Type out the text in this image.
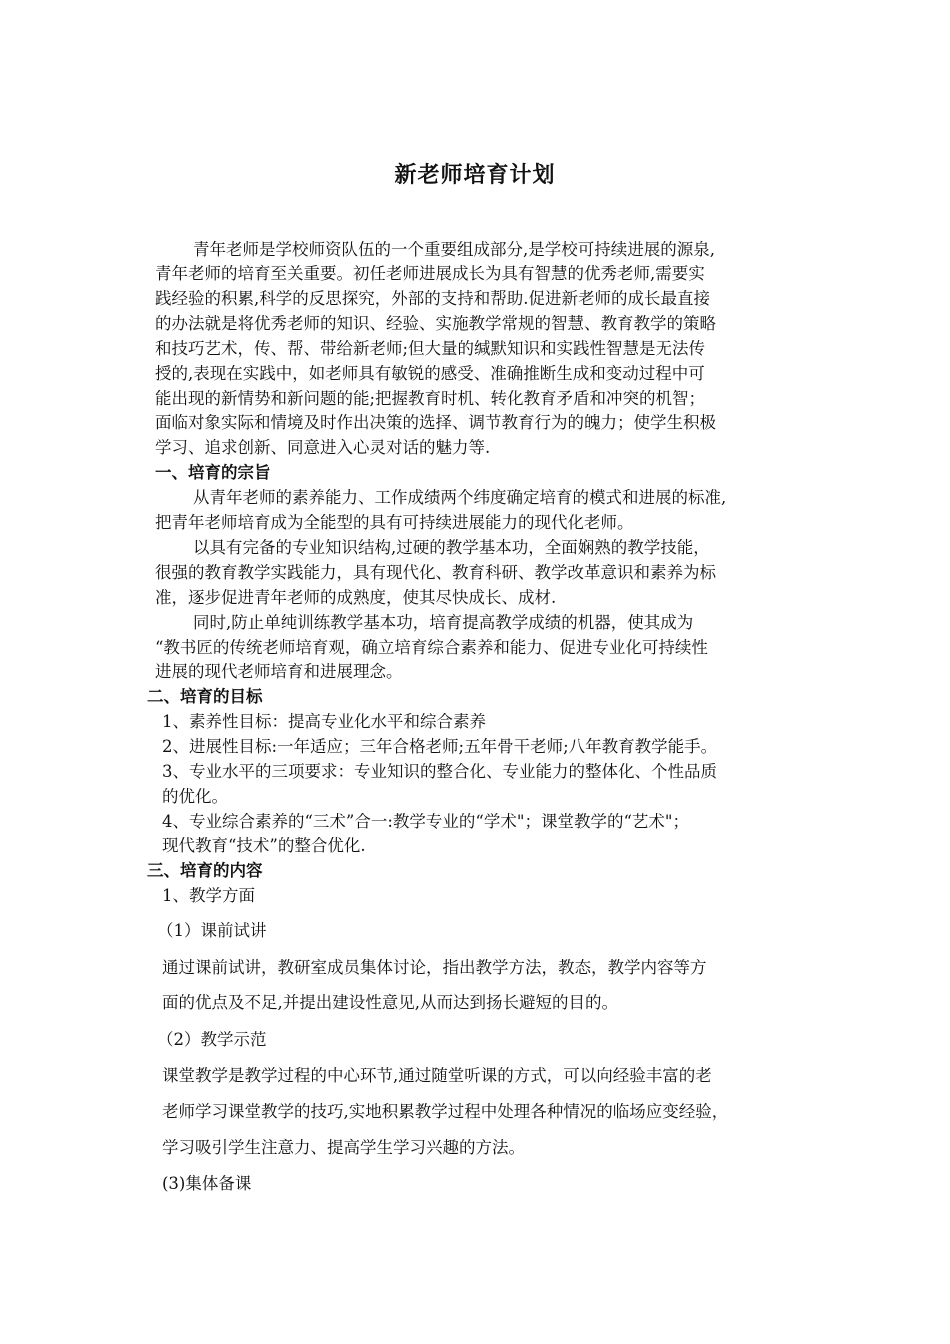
新老师培育计划
青年老师是学校师资队伍的一个重要组成部分,是学校可持续进展的源泉,
青年老师的培育至关重要。初任老师进展成长为具有智慧的优秀老师,需要实
践经验的积累,科学的反思探究，外部的支持和帮助.促进新老师的成长最直接
的办法就是将优秀老师的知识、经验、实施教学常规的智慧、教育教学的策略
和技巧艺术，传、帮、带给新老师;但大量的缄默知识和实践性智慧是无法传
授的,表现在实践中，如老师具有敏锐的感受、准确推断生成和变动过程中可
能出现的新情势和新问题的能;把握教育时机、转化教育矛盾和冲突的机智；
面临对象实际和情境及时作出决策的选择、调节教育行为的魄力；使学生积极
学习、追求创新、同意进入心灵对话的魅力等.
一、培育的宗旨
从青年老师的素养能力、工作成绩两个纬度确定培育的模式和进展的标准,
把青年老师培育成为全能型的具有可持续进展能力的现代化老师。
以具有完备的专业知识结构,过硬的教学基本功，全面娴熟的教学技能，
很强的教育教学实践能力，具有现代化、教育科研、教学改革意识和素养为标
准，逐步促进青年老师的成熟度，使其尽快成长、成材.
同时,防止单纯训练教学基本功，培育提高教学成绩的机器，使其成为
“教书匠的传统老师培育观，确立培育综合素养和能力、促进专业化可持续性
进展的现代老师培育和进展理念。
二、培育的目标
1、素养性目标：提高专业化水平和综合素养
2、进展性目标:一年适应；三年合格老师;五年骨干老师;八年教育教学能手。
3、专业水平的三项要求：专业知识的整合化、专业能力的整体化、个性品质
的优化。
4、专业综合素养的“三术”合一:教学专业的“学术"；课堂教学的“艺术"；
现代教育“技术”的整合优化.
三、培育的内容
1、教学方面
（1）课前试讲
通过课前试讲，教研室成员集体讨论，指出教学方法，教态，教学内容等方
面的优点及不足,并提出建设性意见,从而达到扬长避短的目的。
（2）教学示范
课堂教学是教学过程的中心环节,通过随堂听课的方式，可以向经验丰富的老
老师学习课堂教学的技巧,实地积累教学过程中处理各种情况的临场应变经验，
学习吸引学生注意力、提高学生学习兴趣的方法。
(3)集体备课
